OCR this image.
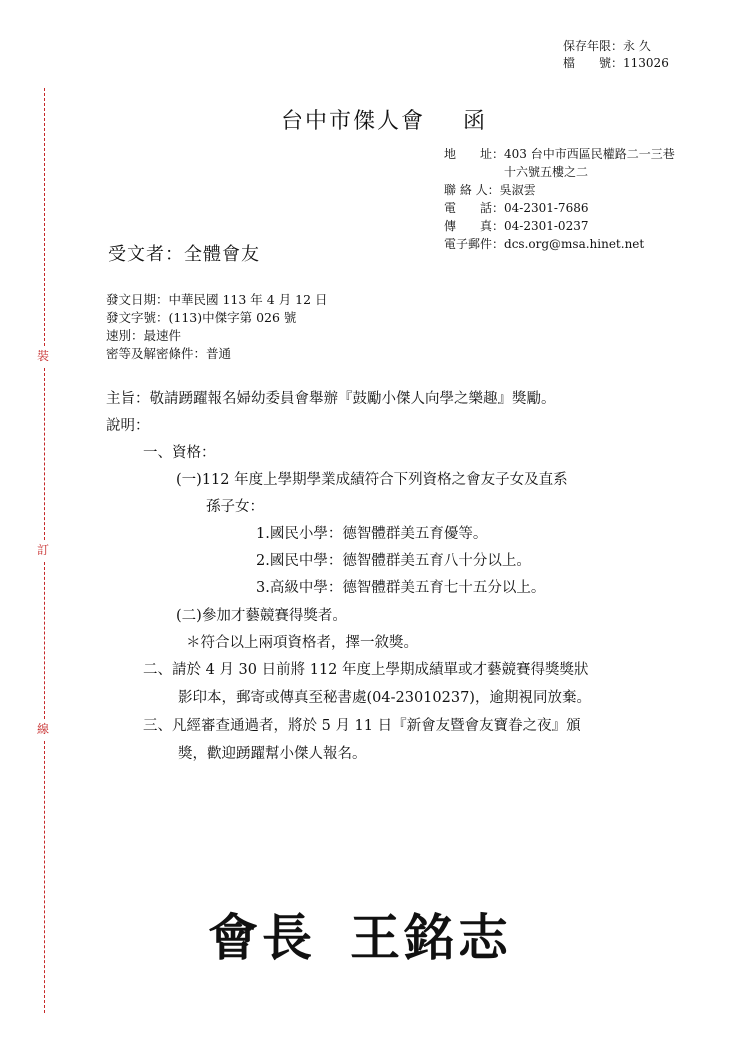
保存年限：永 久
檔　　號：113026
裝
訂
線
台中市傑人會 函
地　　址：403 台中市西區民權路二一三巷
十六號五樓之二
聯 絡 人：吳淑雲
電　　話：04-2301-7686
傳　　真：04-2301-0237
電子郵件：dcs.org@msa.hinet.net
受文者：全體會友
發文日期：中華民國 113 年 4 月 12 日
發文字號：(113)中傑字第 026 號
速別：最速件
密等及解密條件：普通
主旨：敬請踴躍報名婦幼委員會舉辦『鼓勵小傑人向學之樂趣』獎勵。
說明：
一、資格：
(一)112 年度上學期學業成績符合下列資格之會友子女及直系
孫子女：
1.國民小學：德智體群美五育優等。
2.國民中學：德智體群美五育八十分以上。
3.高級中學：德智體群美五育七十五分以上。
(二)參加才藝競賽得獎者。
＊符合以上兩項資格者，擇一敘獎。
二、請於 4 月 30 日前將 112 年度上學期成績單或才藝競賽得獎獎狀
影印本，郵寄或傳真至秘書處(04-23010237)，逾期視同放棄。
三、凡經審查通過者，將於 5 月 11 日『新會友暨會友寶眷之夜』頒
獎，歡迎踴躍幫小傑人報名。
會長 王銘志
